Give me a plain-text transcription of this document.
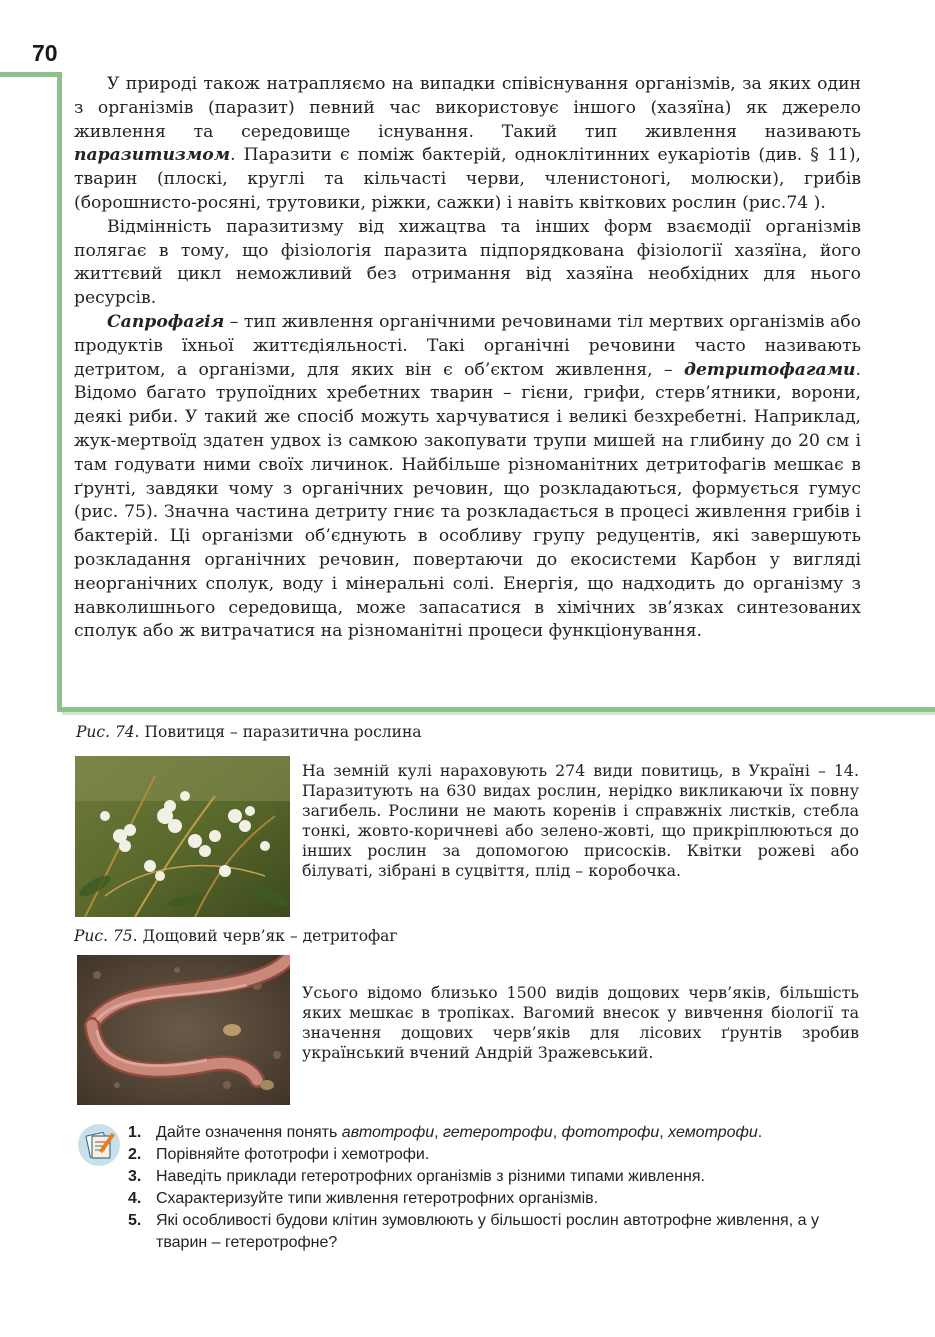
70

У природі також натрапляємо на випадки співіснування організмів, за яких один з організмів (паразит) певний час використовує іншого (хазяїна) як джерело живлення та середовище існування. Такий тип живлення називають паразитизмом. Паразити є поміж бактерій, одноклітинних еукаріотів (див. § 11), тварин (плоскі, круглі та кільчасті черви, членистоногі, молюски), грибів (борошнисто-росяні, трутовики, ріжки, сажки) і навіть квіткових рослин (рис.74 ).

Відмінність паразитизму від хижацтва та інших форм взаємодії організмів полягає в тому, що фізіологія паразита підпорядкована фізіології хазяїна, його життєвий цикл неможливий без отримання від хазяїна необхідних для нього ресурсів.

Сапрофагія – тип живлення органічними речовинами тіл мертвих організмів або продуктів їхньої життєдіяльності. Такі органічні речовини часто називають детритом, а організми, для яких він є об’єктом живлення, – детритофагами. Відомо багато трупоїдних хребетних тварин – гієни, грифи, стерв’ятники, ворони, деякі риби. У такий же спосіб можуть харчуватися і великі безхребетні. Наприклад, жук-мертвоїд здатен удвох із самкою закопувати трупи мишей на глибину до 20 см і там годувати ними своїх личинок. Найбільше різноманітних детритофагів мешкає в ґрунті, завдяки чому з органічних речовин, що розкладаються, формується гумус (рис. 75). Значна частина детриту гниє та розкладається в процесі живлення грибів і бактерій. Ці організми об’єднують в особливу групу редуцентів, які завершують розкладання органічних речовин, повертаючи до екосистеми Карбон у вигляді неорганічних сполук, воду і мінеральні солі. Енергія, що надходить до організму з навколишнього середовища, може запасатися в хімічних зв’язках синтезованих сполук або ж витрачатися на різноманітні процеси функціонування.

Рис. 74. Повитиця – паразитична рослина
На земній кулі нараховують 274 види повитиць, в Україні – 14. Паразитують на 630 видах рослин, нерідко викликаючи їх повну загибель. Рослини не мають коренів і справжніх листків, стебла тонкі, жовто-коричневі або зелено-жовті, що прикріплюються до інших рослин за допомогою присосків. Квітки рожеві або білуваті, зібрані в суцвіття, плід – коробочка.
Рис. 75. Дощовий черв’як – детритофаг
Усього відомо близько 1500 видів дощових черв’яків, більшість яких мешкає в тропіках. Вагомий внесок у вивчення біології та значення дощових черв’яків для лісових ґрунтів зробив український вчений Андрій Зражевський.
1. Дайте означення понять автотрофи, гетеротрофи, фототрофи, хемотрофи.
2. Порівняйте фототрофи і хемотрофи.
3. Наведіть приклади гетеротрофних організмів з різними типами живлення.
4. Схарактеризуйте типи живлення гетеротрофних організмів.
5. Які особливості будови клітин зумовлюють у більшості рослин автотрофне живлення, а у тварин – гетеротрофне?
